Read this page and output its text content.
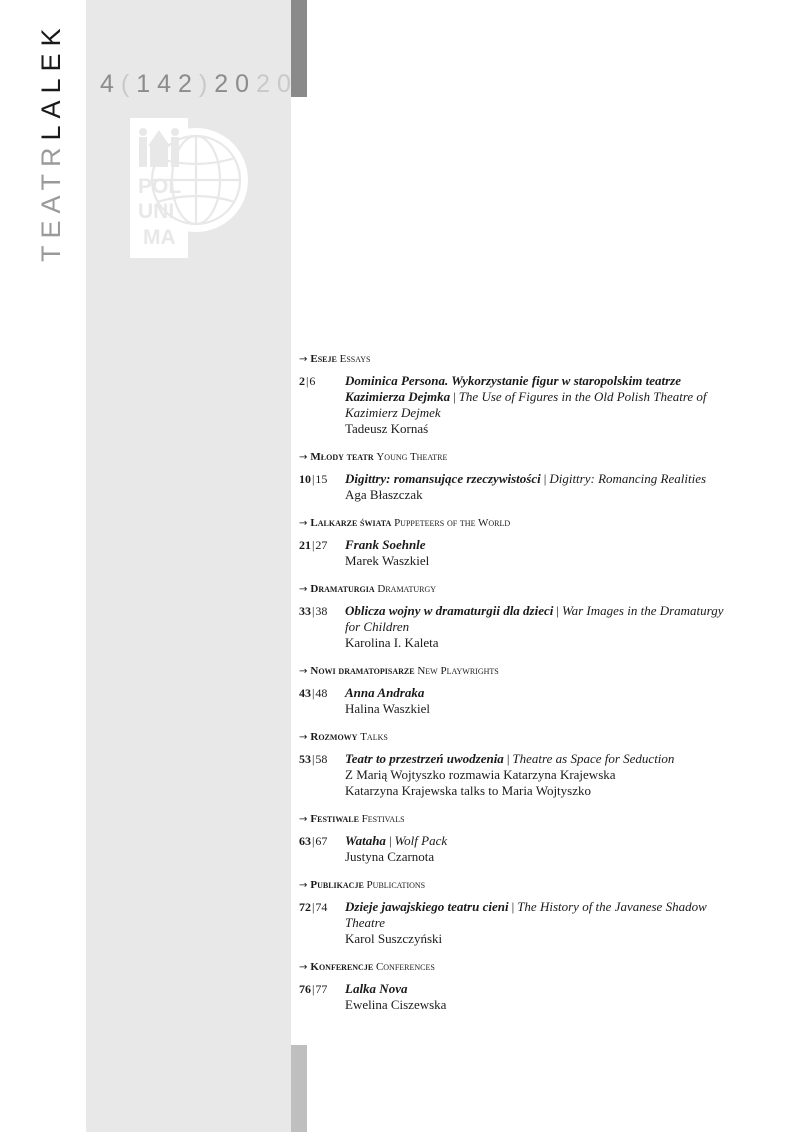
TEATRLALEK 4(142)2020
POL
UNI
MA
→ Eseje Essays
2|6	Dominica Persona. Wykorzystanie figur w staropolskim teatrze Kazimierza Dejmka | The Use of Figures in the Old Polish Theatre of Kazimierz Dejmek
Tadeusz Kornaś
→ Młody teatr Young Theatre
10|15	Digittry: romansujące rzeczywistości | Digittry: Romancing Realities
Aga Błaszczak
→ Lalkarze świata Puppeteers of the World
21|27	Frank Soehnle
Marek Waszkiel
→ Dramaturgia Dramaturgy
33|38	Oblicza wojny w dramaturgii dla dzieci | War Images in the Dramaturgy for Children
Karolina I. Kaleta
→ Nowi dramatopisarze New Playwrights
43|48	Anna Andraka
Halina Waszkiel
→ Rozmowy Talks
53|58	Teatr to przestrzeń uwodzenia | Theatre as Space for Seduction
Z Marią Wojtyszko rozmawia Katarzyna Krajewska
Katarzyna Krajewska talks to Maria Wojtyszko
→ Festiwale Festivals
63|67	Wataha | Wolf Pack
Justyna Czarnota
→ Publikacje Publications
72|74	Dzieje jawajskiego teatru cieni | The History of the Javanese Shadow Theatre
Karol Suszczyński
→ Konferencje Conferences
76|77	Lalka Nova
Ewelina Ciszewska
